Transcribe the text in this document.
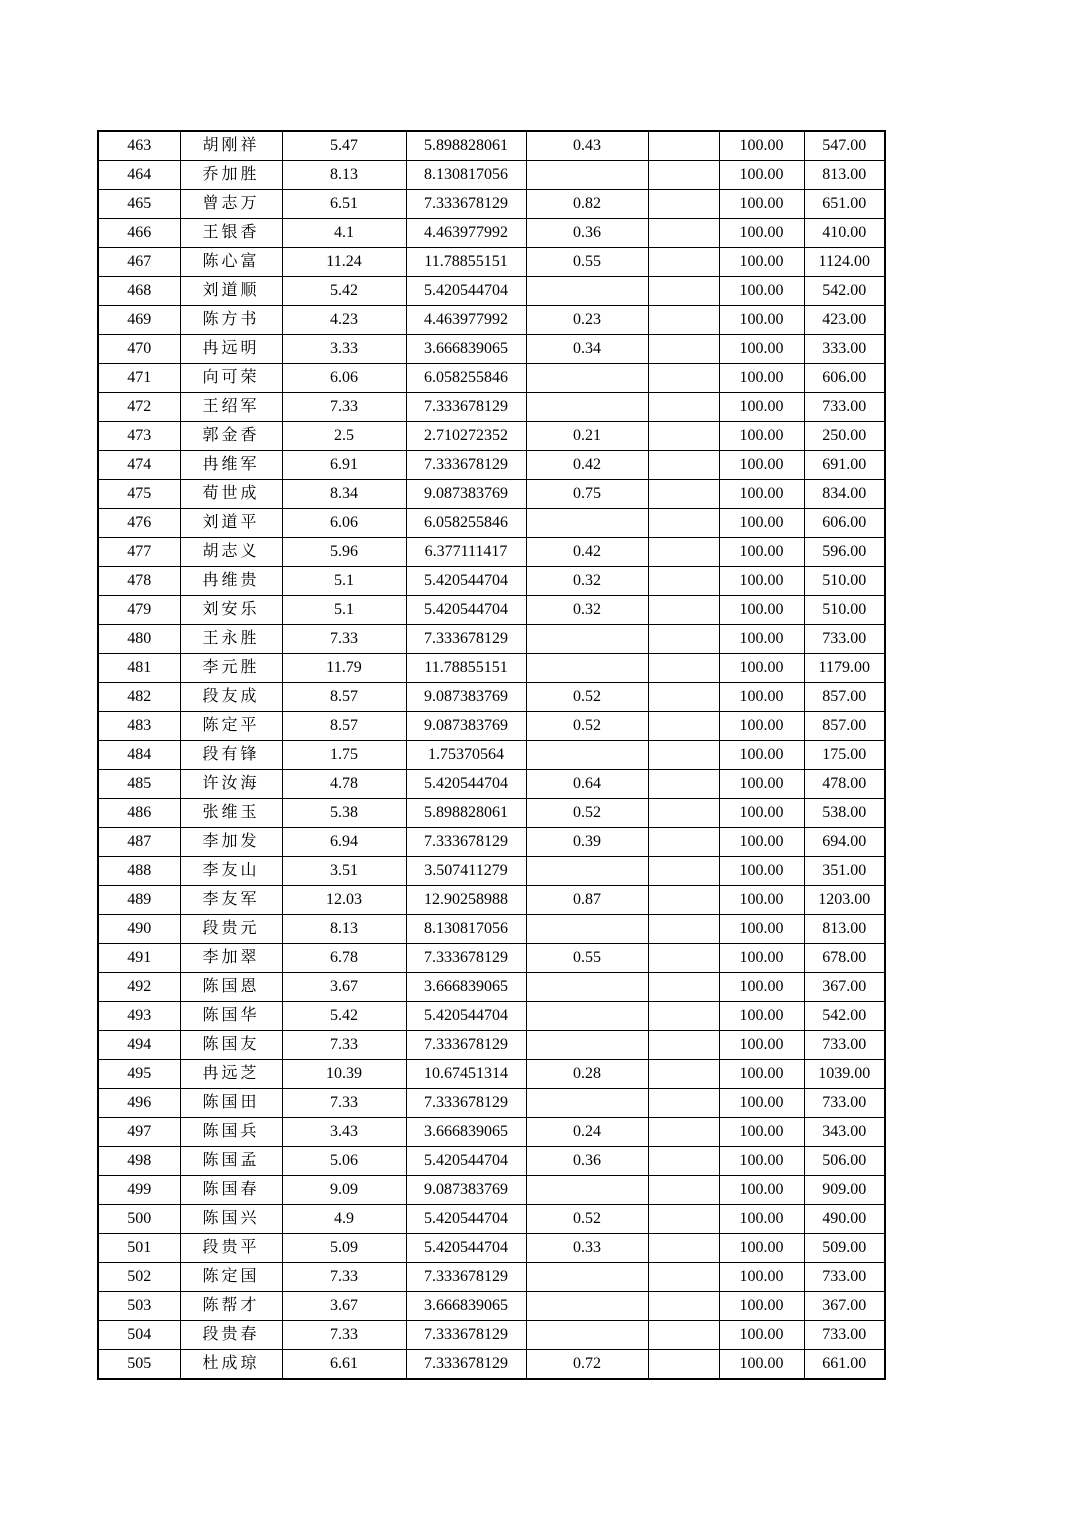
463	胡刚祥	5.47	5.898828061	0.43		100.00	547.00
464	乔加胜	8.13	8.130817056			100.00	813.00
465	曾志万	6.51	7.333678129	0.82		100.00	651.00
466	王银香	4.1	4.463977992	0.36		100.00	410.00
467	陈心富	11.24	11.78855151	0.55		100.00	1124.00
468	刘道顺	5.42	5.420544704			100.00	542.00
469	陈方书	4.23	4.463977992	0.23		100.00	423.00
470	冉远明	3.33	3.666839065	0.34		100.00	333.00
471	向可荣	6.06	6.058255846			100.00	606.00
472	王绍军	7.33	7.333678129			100.00	733.00
473	郭金香	2.5	2.710272352	0.21		100.00	250.00
474	冉维军	6.91	7.333678129	0.42		100.00	691.00
475	荀世成	8.34	9.087383769	0.75		100.00	834.00
476	刘道平	6.06	6.058255846			100.00	606.00
477	胡志义	5.96	6.377111417	0.42		100.00	596.00
478	冉维贵	5.1	5.420544704	0.32		100.00	510.00
479	刘安乐	5.1	5.420544704	0.32		100.00	510.00
480	王永胜	7.33	7.333678129			100.00	733.00
481	李元胜	11.79	11.78855151			100.00	1179.00
482	段友成	8.57	9.087383769	0.52		100.00	857.00
483	陈定平	8.57	9.087383769	0.52		100.00	857.00
484	段有锋	1.75	1.75370564			100.00	175.00
485	许汝海	4.78	5.420544704	0.64		100.00	478.00
486	张维玉	5.38	5.898828061	0.52		100.00	538.00
487	李加发	6.94	7.333678129	0.39		100.00	694.00
488	李友山	3.51	3.507411279			100.00	351.00
489	李友军	12.03	12.90258988	0.87		100.00	1203.00
490	段贵元	8.13	8.130817056			100.00	813.00
491	李加翠	6.78	7.333678129	0.55		100.00	678.00
492	陈国恩	3.67	3.666839065			100.00	367.00
493	陈国华	5.42	5.420544704			100.00	542.00
494	陈国友	7.33	7.333678129			100.00	733.00
495	冉远芝	10.39	10.67451314	0.28		100.00	1039.00
496	陈国田	7.33	7.333678129			100.00	733.00
497	陈国兵	3.43	3.666839065	0.24		100.00	343.00
498	陈国孟	5.06	5.420544704	0.36		100.00	506.00
499	陈国春	9.09	9.087383769			100.00	909.00
500	陈国兴	4.9	5.420544704	0.52		100.00	490.00
501	段贵平	5.09	5.420544704	0.33		100.00	509.00
502	陈定国	7.33	7.333678129			100.00	733.00
503	陈帮才	3.67	3.666839065			100.00	367.00
504	段贵春	7.33	7.333678129			100.00	733.00
505	杜成琼	6.61	7.333678129	0.72		100.00	661.00
